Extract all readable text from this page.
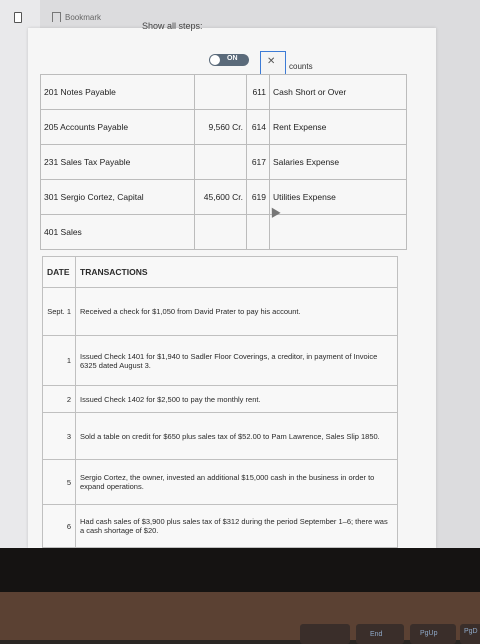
Bookmark
Show all steps:
ON	✕ counts
201 Notes Payable		611	Cash Short or Over
205 Accounts Payable	9,560 Cr.	614	Rent Expense
231 Sales Tax Payable		617	Salaries Expense
301 Sergio Cortez, Capital	45,600 Cr.	619	Utilities Expense
401 Sales			
DATE	TRANSACTIONS
Sept. 1	Received a check for $1,050 from David Prater to pay his account.
1	Issued Check 1401 for $1,940 to Sadler Floor Coverings, a creditor, in payment of Invoice 6325 dated August 3.
2	Issued Check 1402 for $2,500 to pay the monthly rent.
3	Sold a table on credit for $650 plus sales tax of $52.00 to Pam Lawrence, Sales Slip 1850.
5	Sergio Cortez, the owner, invested an additional $15,000 cash in the business in order to expand operations.
6	Had cash sales of $3,900 plus sales tax of $312 during the period September 1–6; there was a cash shortage of $20.
End	PgUp	PgD
